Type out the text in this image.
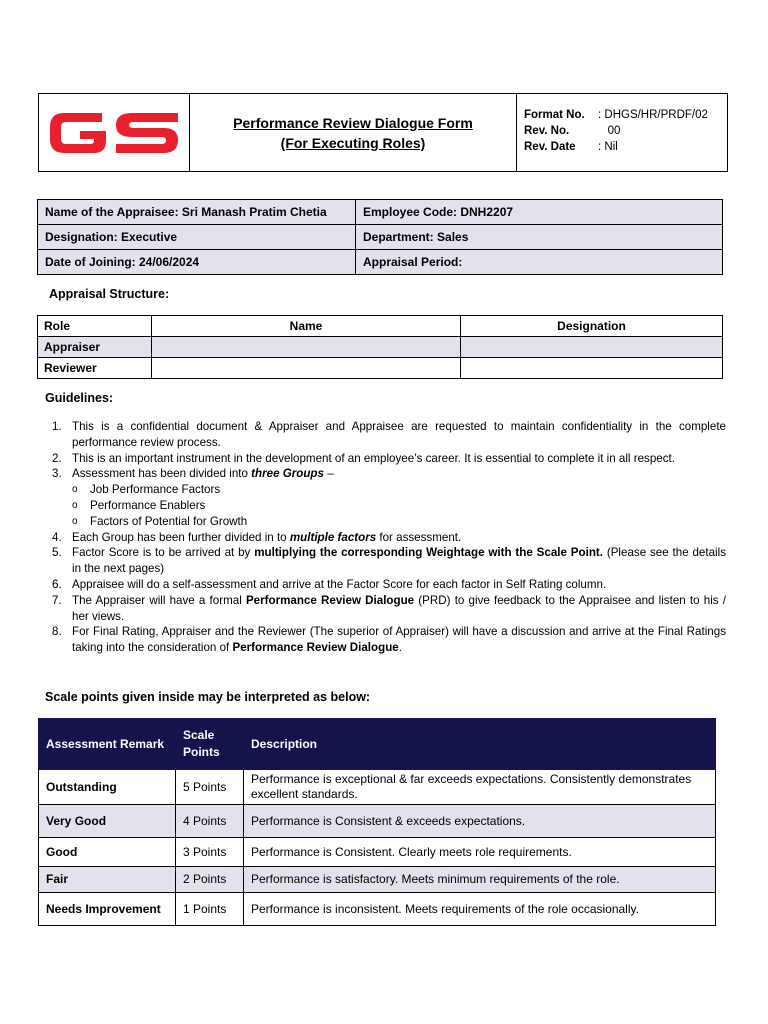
Performance Review Dialogue Form
(For Executing Roles)
Format No.	: DHGS/HR/PRDF/02
Rev. No.	00
Rev. Date	: Nil
Name of the Appraisee: Sri Manash Pratim Chetia	Employee Code: DNH2207
Designation: Executive	Department: Sales
Date of Joining: 24/06/2024	Appraisal Period:
Appraisal Structure:
Role	Name	Designation
Appraiser		
Reviewer		
Guidelines:
1. This is a confidential document & Appraiser and Appraisee are requested to maintain confidentiality in the complete performance review process.
2. This is an important instrument in the development of an employee’s career. It is essential to complete it in all respect.
3. Assessment has been divided into three Groups –
o	Job Performance Factors
o	Performance Enablers
o	Factors of Potential for Growth
4. Each Group has been further divided in to multiple factors for assessment.
5. Factor Score is to be arrived at by multiplying the corresponding Weightage with the Scale Point. (Please see the details in the next pages)
6. Appraisee will do a self-assessment and arrive at the Factor Score for each factor in Self Rating column.
7. The Appraiser will have a formal Performance Review Dialogue (PRD) to give feedback to the Appraisee and listen to his / her views.
8. For Final Rating, Appraiser and the Reviewer (The superior of Appraiser) will have a discussion and arrive at the Final Ratings taking into the consideration of Performance Review Dialogue.
Scale points given inside may be interpreted as below:
Assessment Remark	Scale Points	Description
Outstanding	5 Points	Performance is exceptional & far exceeds expectations. Consistently demonstrates excellent standards.
Very Good	4 Points	Performance is Consistent & exceeds expectations.
Good	3 Points	Performance is Consistent. Clearly meets role requirements.
Fair	2 Points	Performance is satisfactory. Meets minimum requirements of the role.
Needs Improvement	1 Points	Performance is inconsistent. Meets requirements of the role occasionally.
